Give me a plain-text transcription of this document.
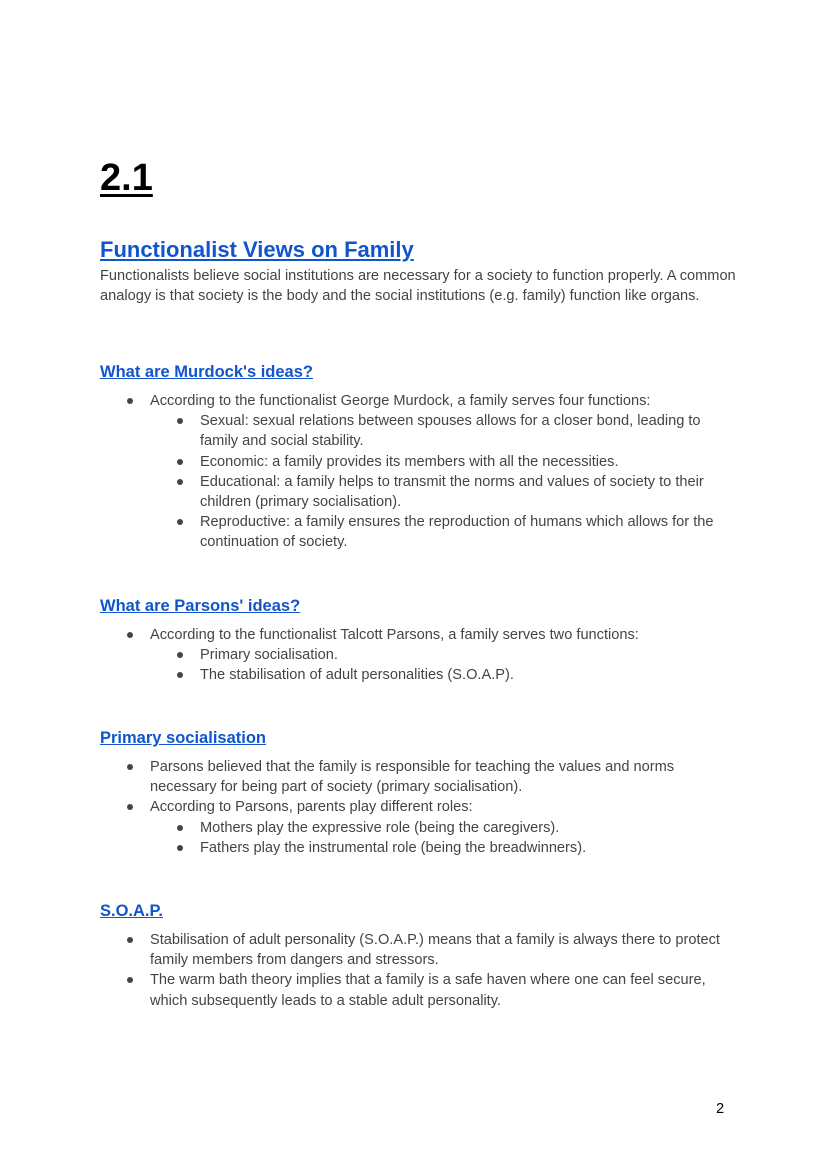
2.1
Functionalist Views on Family

Functionalists believe social institutions are necessary for a society to function properly. A common analogy is that society is the body and the social institutions (e.g. family) function like organs.

What are Murdock's ideas?
According to the functionalist George Murdock, a family serves four functions:
Sexual: sexual relations between spouses allows for a closer bond, leading to family and social stability.
Economic: a family provides its members with all the necessities.
Educational: a family helps to transmit the norms and values of society to their children (primary socialisation).
Reproductive: a family ensures the reproduction of humans which allows for the continuation of society.
What are Parsons' ideas?
According to the functionalist Talcott Parsons, a family serves two functions:
Primary socialisation.
The stabilisation of adult personalities (S.O.A.P).
Primary socialisation
Parsons believed that the family is responsible for teaching the values and norms necessary for being part of society (primary socialisation).
According to Parsons, parents play different roles:
Mothers play the expressive role (being the caregivers).
Fathers play the instrumental role (being the breadwinners).
S.O.A.P.
Stabilisation of adult personality (S.O.A.P.) means that a family is always there to protect family members from dangers and stressors.
The warm bath theory implies that a family is a safe haven where one can feel secure, which subsequently leads to a stable adult personality.
2
